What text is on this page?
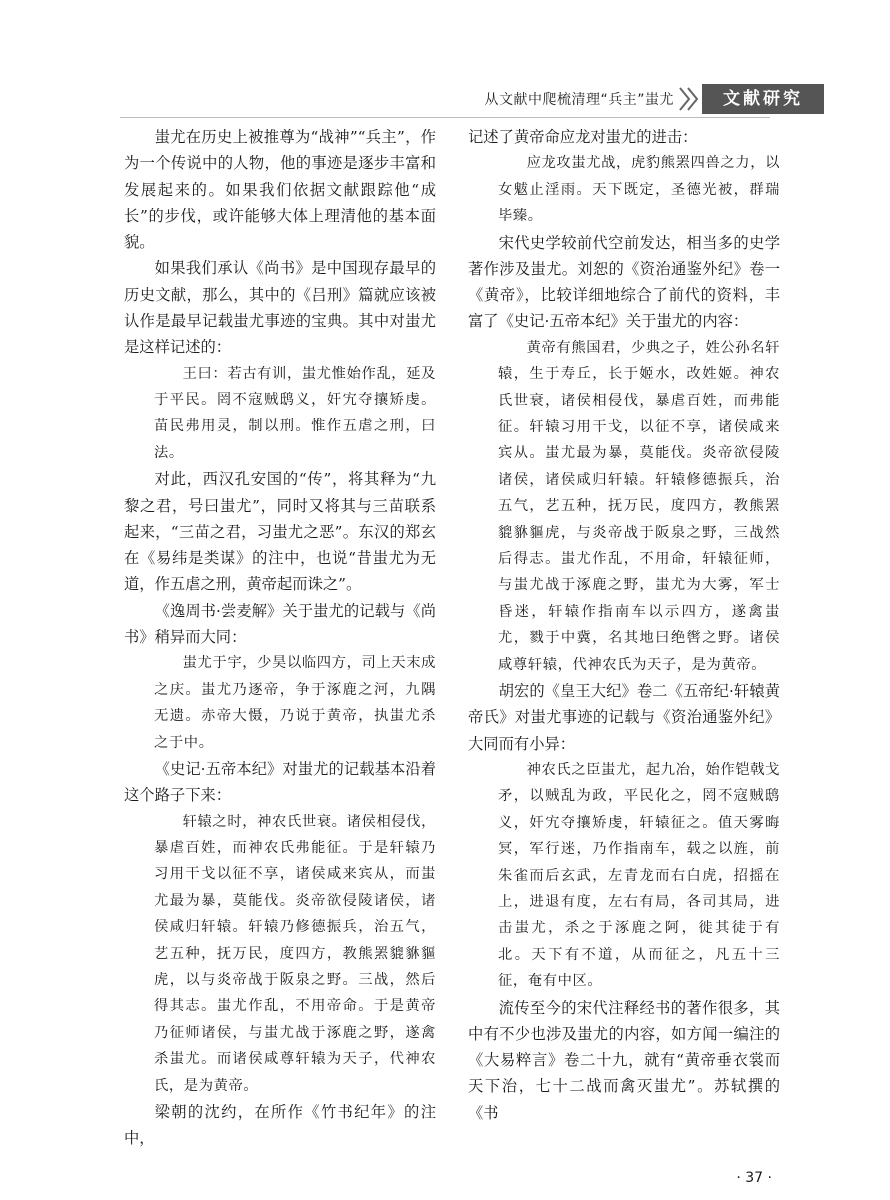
从文献中爬梳清理“兵主”蚩尤	文献研究

蚩尤在历史上被推尊为“战神”“兵主”，作为一个传说中的人物，他的事迹是逐步丰富和发展起来的。如果我们依据文献跟踪他“成长”的步伐，或许能够大体上理清他的基本面貌。

如果我们承认《尚书》是中国现存最早的历史文献，那么，其中的《吕刑》篇就应该被认作是最早记载蚩尤事迹的宝典。其中对蚩尤是这样记述的：

王曰：若古有训，蚩尤惟始作乱，延及于平民。罔不寇贼鸱义，奸宄夺攘矫虔。苗民弗用灵，制以刑。惟作五虐之刑，曰法。

对此，西汉孔安国的“传”，将其释为“九黎之君，号曰蚩尤”，同时又将其与三苗联系起来，“三苗之君，习蚩尤之恶”。东汉的郑玄在《易纬是类谋》的注中，也说“昔蚩尤为无道，作五虐之刑，黄帝起而诛之”。

《逸周书·尝麦解》关于蚩尤的记载与《尚书》稍异而大同：

蚩尤于宇，少昊以临四方，司上天末成之庆。蚩尤乃逐帝，争于涿鹿之河，九隅无遗。赤帝大慑，乃说于黄帝，执蚩尤杀之于中。

《史记·五帝本纪》对蚩尤的记载基本沿着这个路子下来：

轩辕之时，神农氏世衰。诸侯相侵伐，暴虐百姓，而神农氏弗能征。于是轩辕乃习用干戈以征不享，诸侯咸来宾从，而蚩尤最为暴，莫能伐。炎帝欲侵陵诸侯，诸侯咸归轩辕。轩辕乃修德振兵，治五气，艺五种，抚万民，度四方，教熊罴貔貅貙虎，以与炎帝战于阪泉之野。三战，然后得其志。蚩尤作乱，不用帝命。于是黄帝乃征师诸侯，与蚩尤战于涿鹿之野，遂禽杀蚩尤。而诸侯咸尊轩辕为天子，代神农氏，是为黄帝。

梁朝的沈约，在所作《竹书纪年》的注中，

记述了黄帝命应龙对蚩尤的进击：

应龙攻蚩尤战，虎豹熊罴四兽之力，以女魃止淫雨。天下既定，圣德光被，群瑞毕臻。

宋代史学较前代空前发达，相当多的史学著作涉及蚩尤。刘恕的《资治通鉴外纪》卷一《黄帝》，比较详细地综合了前代的资料，丰富了《史记·五帝本纪》关于蚩尤的内容：

黄帝有熊国君，少典之子，姓公孙名轩辕，生于寿丘，长于姬水，改姓姬。神农氏世衰，诸侯相侵伐，暴虐百姓，而弗能征。轩辕习用干戈，以征不享，诸侯咸来宾从。蚩尤最为暴，莫能伐。炎帝欲侵陵诸侯，诸侯咸归轩辕。轩辕修德振兵，治五气，艺五种，抚万民，度四方，教熊罴貔貅貙虎，与炎帝战于阪泉之野，三战然后得志。蚩尤作乱，不用命，轩辕征师，与蚩尤战于涿鹿之野，蚩尤为大雾，军士昏迷，轩辕作指南车以示四方，遂禽蚩尤，戮于中冀，名其地曰绝辔之野。诸侯咸尊轩辕，代神农氏为天子，是为黄帝。

胡宏的《皇王大纪》卷二《五帝纪·轩辕黄帝氏》对蚩尤事迹的记载与《资治通鉴外纪》大同而有小异：

神农氏之臣蚩尤，起九冶，始作铠戟戈矛，以贼乱为政，平民化之，罔不寇贼鸱义，奸宄夺攘矫虔，轩辕征之。值天雾晦冥，军行迷，乃作指南车，载之以旌，前朱雀而后玄武，左青龙而右白虎，招摇在上，进退有度，左右有局，各司其局，进击蚩尤，杀之于涿鹿之阿，徙其徒于有北。天下有不道，从而征之，凡五十三征，奄有中区。

流传至今的宋代注释经书的著作很多，其中有不少也涉及蚩尤的内容，如方闻一编注的《大易粹言》卷二十九，就有“黄帝垂衣裳而天下治，七十二战而禽灭蚩尤”。苏轼撰的《书

· 37 ·
